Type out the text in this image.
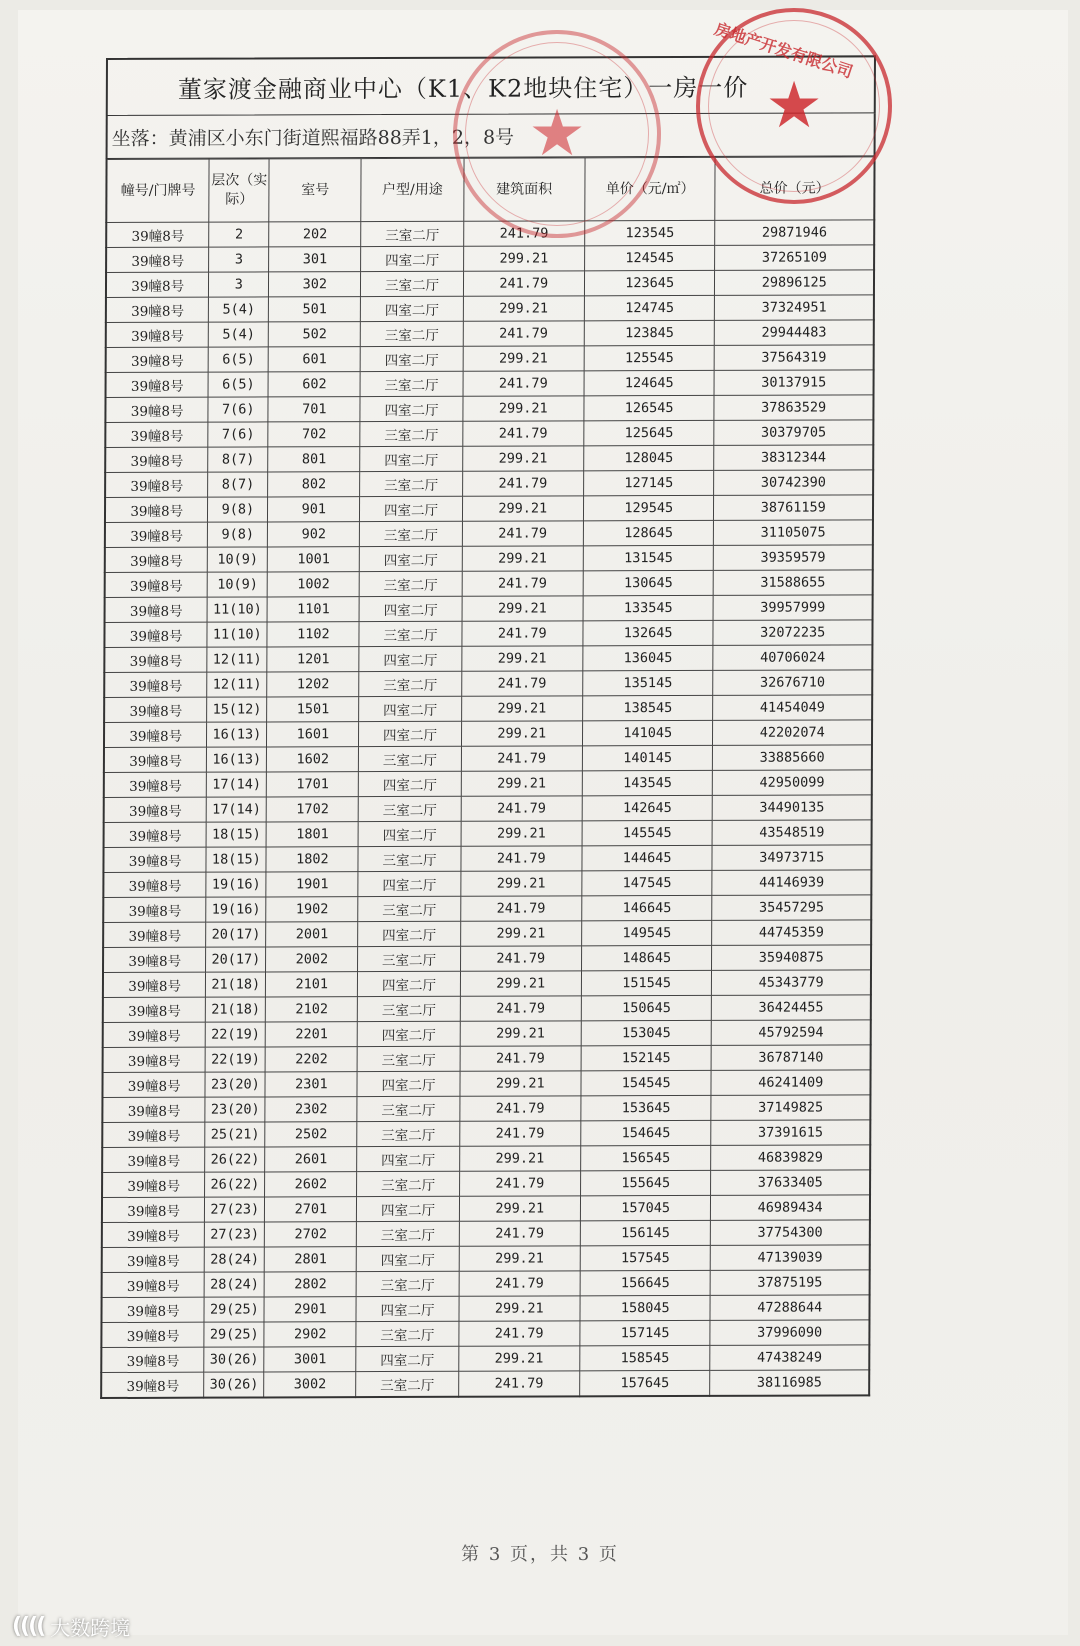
董家渡金融商业中心（K1、K2地块住宅）一房一价
坐落：黄浦区小东门街道熙福路88弄1，2，8号
幢号/门牌号	层次（实际）	室号	户型/用途	建筑面积	单价（元/㎡）	总价（元）
39幢8号	2	202	三室二厅	241.79	123545	29871946
39幢8号	3	301	四室二厅	299.21	124545	37265109
39幢8号	3	302	三室二厅	241.79	123645	29896125
39幢8号	5(4)	501	四室二厅	299.21	124745	37324951
39幢8号	5(4)	502	三室二厅	241.79	123845	29944483
39幢8号	6(5)	601	四室二厅	299.21	125545	37564319
39幢8号	6(5)	602	三室二厅	241.79	124645	30137915
39幢8号	7(6)	701	四室二厅	299.21	126545	37863529
39幢8号	7(6)	702	三室二厅	241.79	125645	30379705
39幢8号	8(7)	801	四室二厅	299.21	128045	38312344
39幢8号	8(7)	802	三室二厅	241.79	127145	30742390
39幢8号	9(8)	901	四室二厅	299.21	129545	38761159
39幢8号	9(8)	902	三室二厅	241.79	128645	31105075
39幢8号	10(9)	1001	四室二厅	299.21	131545	39359579
39幢8号	10(9)	1002	三室二厅	241.79	130645	31588655
39幢8号	11(10)	1101	四室二厅	299.21	133545	39957999
39幢8号	11(10)	1102	三室二厅	241.79	132645	32072235
39幢8号	12(11)	1201	四室二厅	299.21	136045	40706024
39幢8号	12(11)	1202	三室二厅	241.79	135145	32676710
39幢8号	15(12)	1501	四室二厅	299.21	138545	41454049
39幢8号	16(13)	1601	四室二厅	299.21	141045	42202074
39幢8号	16(13)	1602	三室二厅	241.79	140145	33885660
39幢8号	17(14)	1701	四室二厅	299.21	143545	42950099
39幢8号	17(14)	1702	三室二厅	241.79	142645	34490135
39幢8号	18(15)	1801	四室二厅	299.21	145545	43548519
39幢8号	18(15)	1802	三室二厅	241.79	144645	34973715
39幢8号	19(16)	1901	四室二厅	299.21	147545	44146939
39幢8号	19(16)	1902	三室二厅	241.79	146645	35457295
39幢8号	20(17)	2001	四室二厅	299.21	149545	44745359
39幢8号	20(17)	2002	三室二厅	241.79	148645	35940875
39幢8号	21(18)	2101	四室二厅	299.21	151545	45343779
39幢8号	21(18)	2102	三室二厅	241.79	150645	36424455
39幢8号	22(19)	2201	四室二厅	299.21	153045	45792594
39幢8号	22(19)	2202	三室二厅	241.79	152145	36787140
39幢8号	23(20)	2301	四室二厅	299.21	154545	46241409
39幢8号	23(20)	2302	三室二厅	241.79	153645	37149825
39幢8号	25(21)	2502	三室二厅	241.79	154645	37391615
39幢8号	26(22)	2601	四室二厅	299.21	156545	46839829
39幢8号	26(22)	2602	三室二厅	241.79	155645	37633405
39幢8号	27(23)	2701	四室二厅	299.21	157045	46989434
39幢8号	27(23)	2702	三室二厅	241.79	156145	37754300
39幢8号	28(24)	2801	四室二厅	299.21	157545	47139039
39幢8号	28(24)	2802	三室二厅	241.79	156645	37875195
39幢8号	29(25)	2901	四室二厅	299.21	158045	47288644
39幢8号	29(25)	2902	三室二厅	241.79	157145	37996090
39幢8号	30(26)	3001	四室二厅	299.21	158545	47438249
39幢8号	30(26)	3002	三室二厅	241.79	157645	38116985
★	★
房地产开发有限公司
第 3 页，共 3 页
(((( 大数跨境
